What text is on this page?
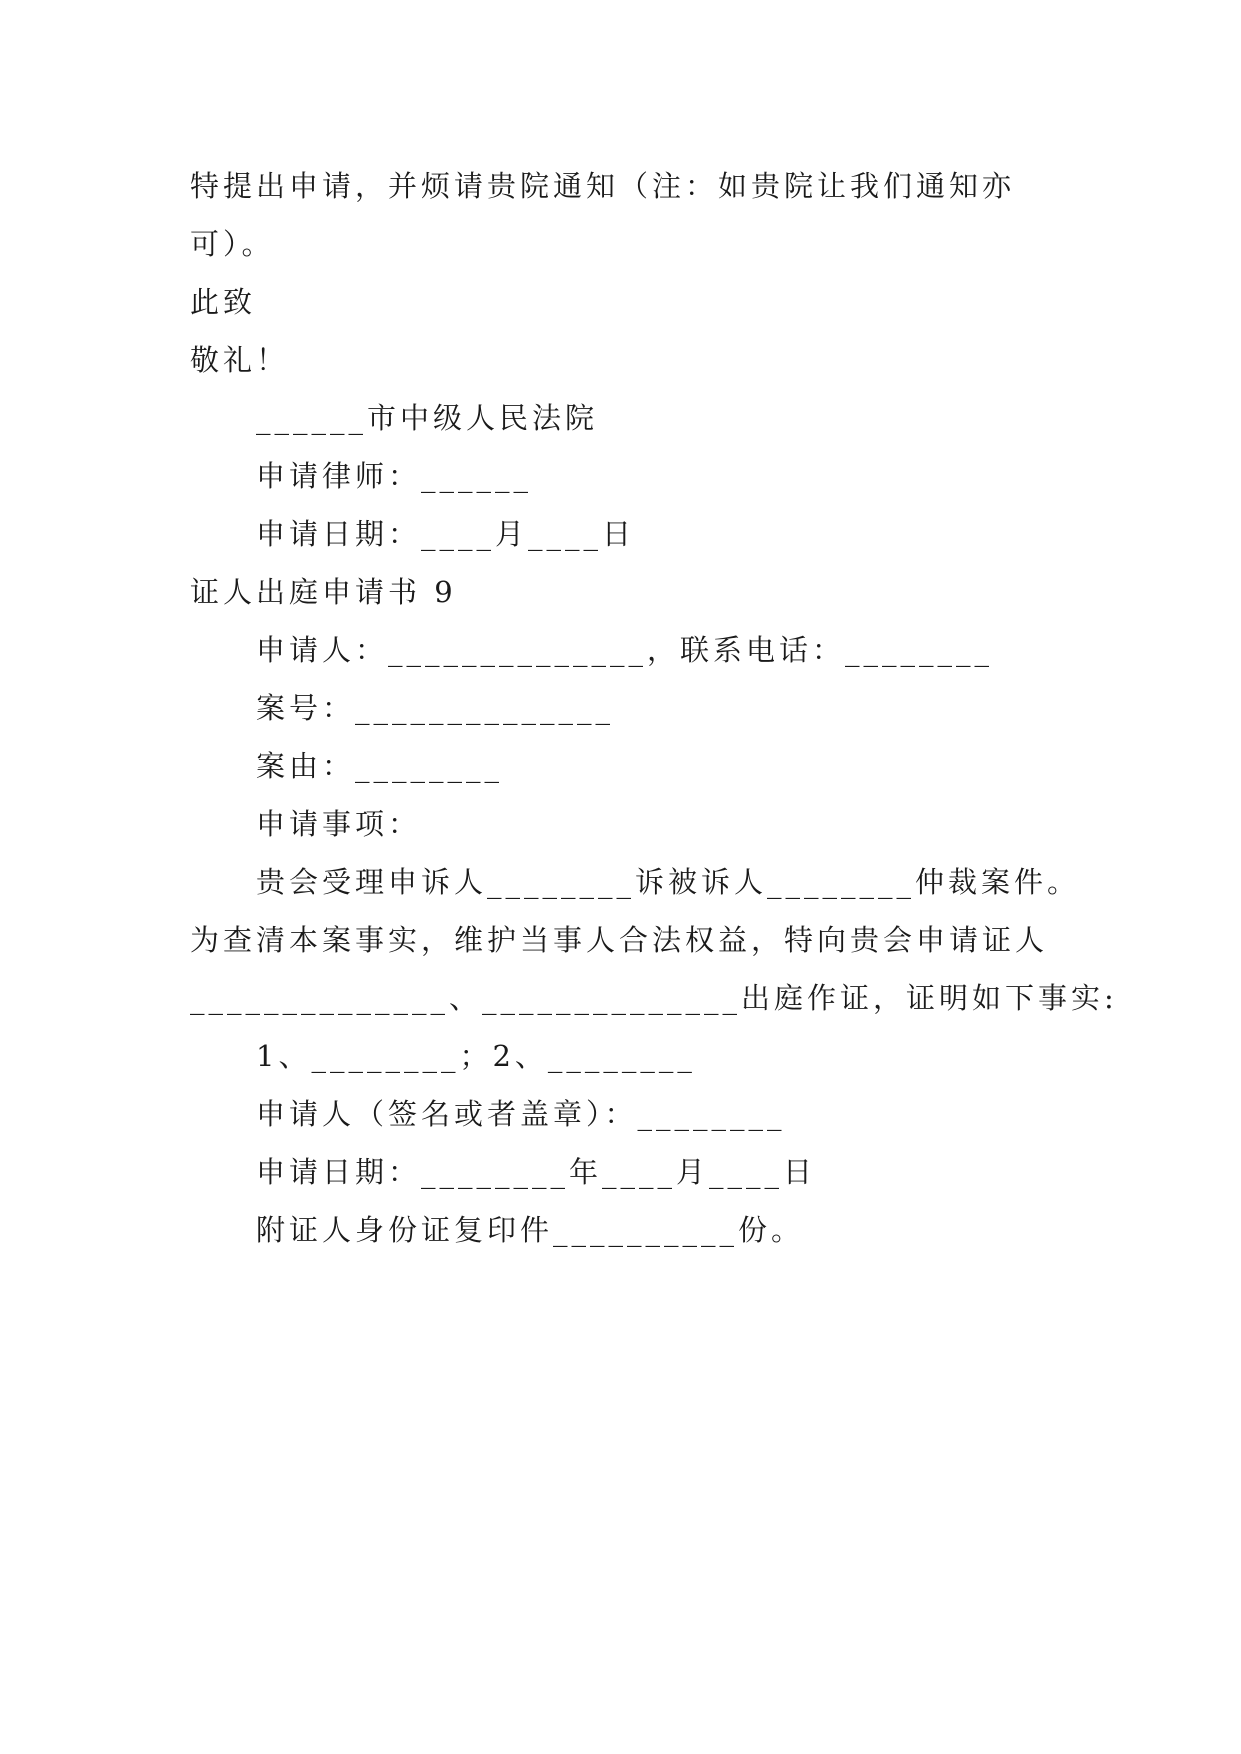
特提出申请，并烦请贵院通知（注：如贵院让我们通知亦
可）。
此致
敬礼！
______市中级人民法院
申请律师：______
申请日期：____月____日
证人出庭申请书 9
申请人：______________，联系电话：________
案号：______________
案由：________
申请事项：
贵会受理申诉人________诉被诉人________仲裁案件。
为查清本案事实，维护当事人合法权益，特向贵会申请证人
______________、______________出庭作证，证明如下事实:
1、________；2、________
申请人（签名或者盖章）：________
申请日期：________年____月____日
附证人身份证复印件__________份。
